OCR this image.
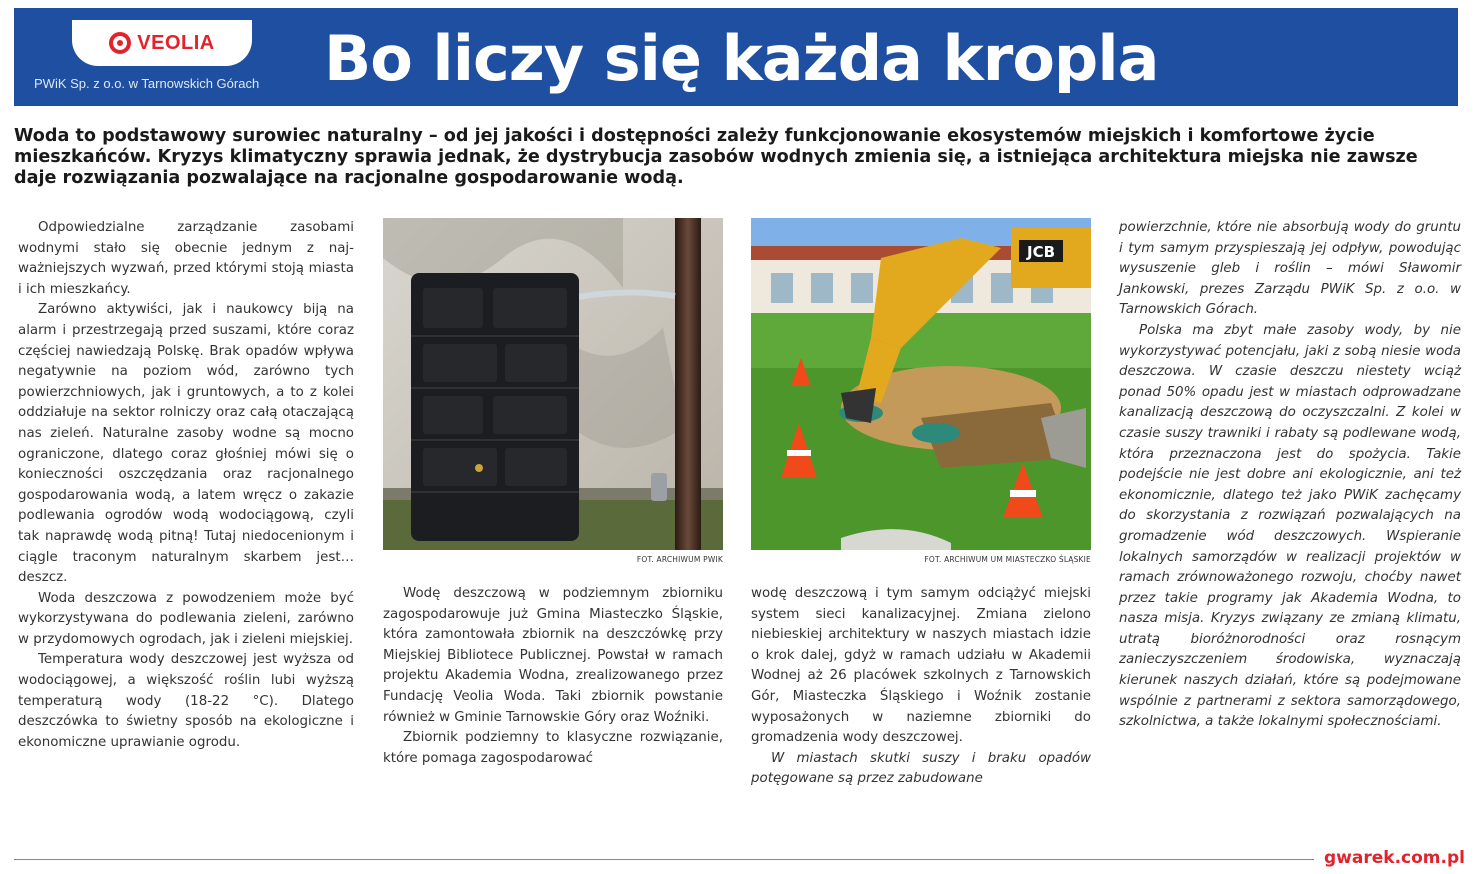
VEOLIA
PWiK Sp. z o.o. w Tarnowskich Górach Bo liczy się każda kropla
Woda to podstawowy surowiec naturalny – od jej jakości i dostępności zależy funkcjonowanie ekosystemów miejskich i komfortowe życie mieszkańców. Kryzys klimatyczny sprawia jednak, że dystrybucja zasobów wodnych zmienia się, a istniejąca architektura miejska nie zawsze daje rozwiązania pozwalające na racjonalne gospodarowanie wodą.

Odpowiedzialne zarządzanie zasobami wodnymi stało się obecnie jednym z najważniejszych wyzwań, przed którymi stoją miasta i ich mieszkańcy.

Zarówno aktywiści, jak i naukowcy biją na alarm i przestrzegają przed suszami, które coraz częściej nawiedzają Polskę. Brak opadów wpływa negatywnie na poziom wód, zarówno tych powierzchniowych, jak i gruntowych, a to z kolei oddziałuje na sektor rolniczy oraz całą otaczającą nas zieleń. Naturalne zasoby wodne są mocno ograniczone, dlatego coraz głośniej mówi się o konieczności oszczędzania oraz racjonalnego gospodarowania wodą, a latem wręcz o zakazie podlewania ogrodów wodą wodociągową, czyli tak naprawdę wodą pitną! Tutaj niedocenionym i ciągle traconym naturalnym skarbem jest… deszcz.

Woda deszczowa z powodzeniem może być wykorzystywana do podlewania zieleni, zarówno w przydomowych ogrodach, jak i zieleni miejskiej.

Temperatura wody deszczowej jest wyższa od wodociągowej, a większość roślin lubi wyższą temperaturą wody (18-22 °C). Dlatego deszczówka to świetny sposób na ekologiczne i ekonomiczne uprawianie ogrodu.

FOT. ARCHIWUM PWIK

Wodę deszczową w podziemnym zbiorniku zagospodarowuje już Gmina Miasteczko Śląskie, która zamontowała zbiornik na deszczówkę przy Miejskiej Bibliotece Publicznej. Powstał w ramach projektu Akademia Wodna, zrealizowanego przez Fundację Veolia Woda. Taki zbiornik powstanie również w Gminie Tarnowskie Góry oraz Woźniki.

Zbiornik podziemny to klasyczne rozwiązanie, które pomaga zagospodarować

JCB
FOT. ARCHIWUM UM MIASTECZKO ŚLĄSKIE

wodę deszczową i tym samym odciążyć miejski system sieci kanalizacyjnej. Zmiana zielono niebieskiej architektury w naszych miastach idzie o krok dalej, gdyż w ramach udziału w Akademii Wodnej aż 26 placówek szkolnych z Tarnowskich Gór, Miasteczka Śląskiego i Woźnik zostanie wyposażonych w naziemne zbiorniki do gromadzenia wody deszczowej.

W miastach skutki suszy i braku opadów potęgowane są przez zabudowane

powierzchnie, które nie absorbują wody do gruntu i tym samym przyspieszają jej odpływ, powodując wysuszenie gleb i roślin – mówi Sławomir Jankowski, prezes Zarządu PWiK Sp. z o.o. w Tarnowskich Górach.

Polska ma zbyt małe zasoby wody, by nie wykorzystywać potencjału, jaki z sobą niesie woda deszczowa. W czasie deszczu niestety wciąż ponad 50% opadu jest w miastach odprowadzane kanalizacją deszczową do oczyszczalni. Z kolei w czasie suszy trawniki i rabaty są podlewane wodą, która przeznaczona jest do spożycia. Takie podejście nie jest dobre ani ekologicznie, ani też ekonomicznie, dlatego też jako PWiK zachęcamy do skorzystania z rozwiązań pozwalających na gromadzenie wód deszczowych. Wspieranie lokalnych samorządów w realizacji projektów w ramach zrównoważonego rozwoju, choćby nawet przez takie programy jak Akademia Wodna, to nasza misja. Kryzys związany ze zmianą klimatu, utratą bioróżnorodności oraz rosnącym zanieczyszczeniem środowiska, wyznaczają kierunek naszych działań, które są podejmowane wspólnie z partnerami z sektora samorządowego, szkolnictwa, a także lokalnymi społecznościami.

gwarek.com.pl
